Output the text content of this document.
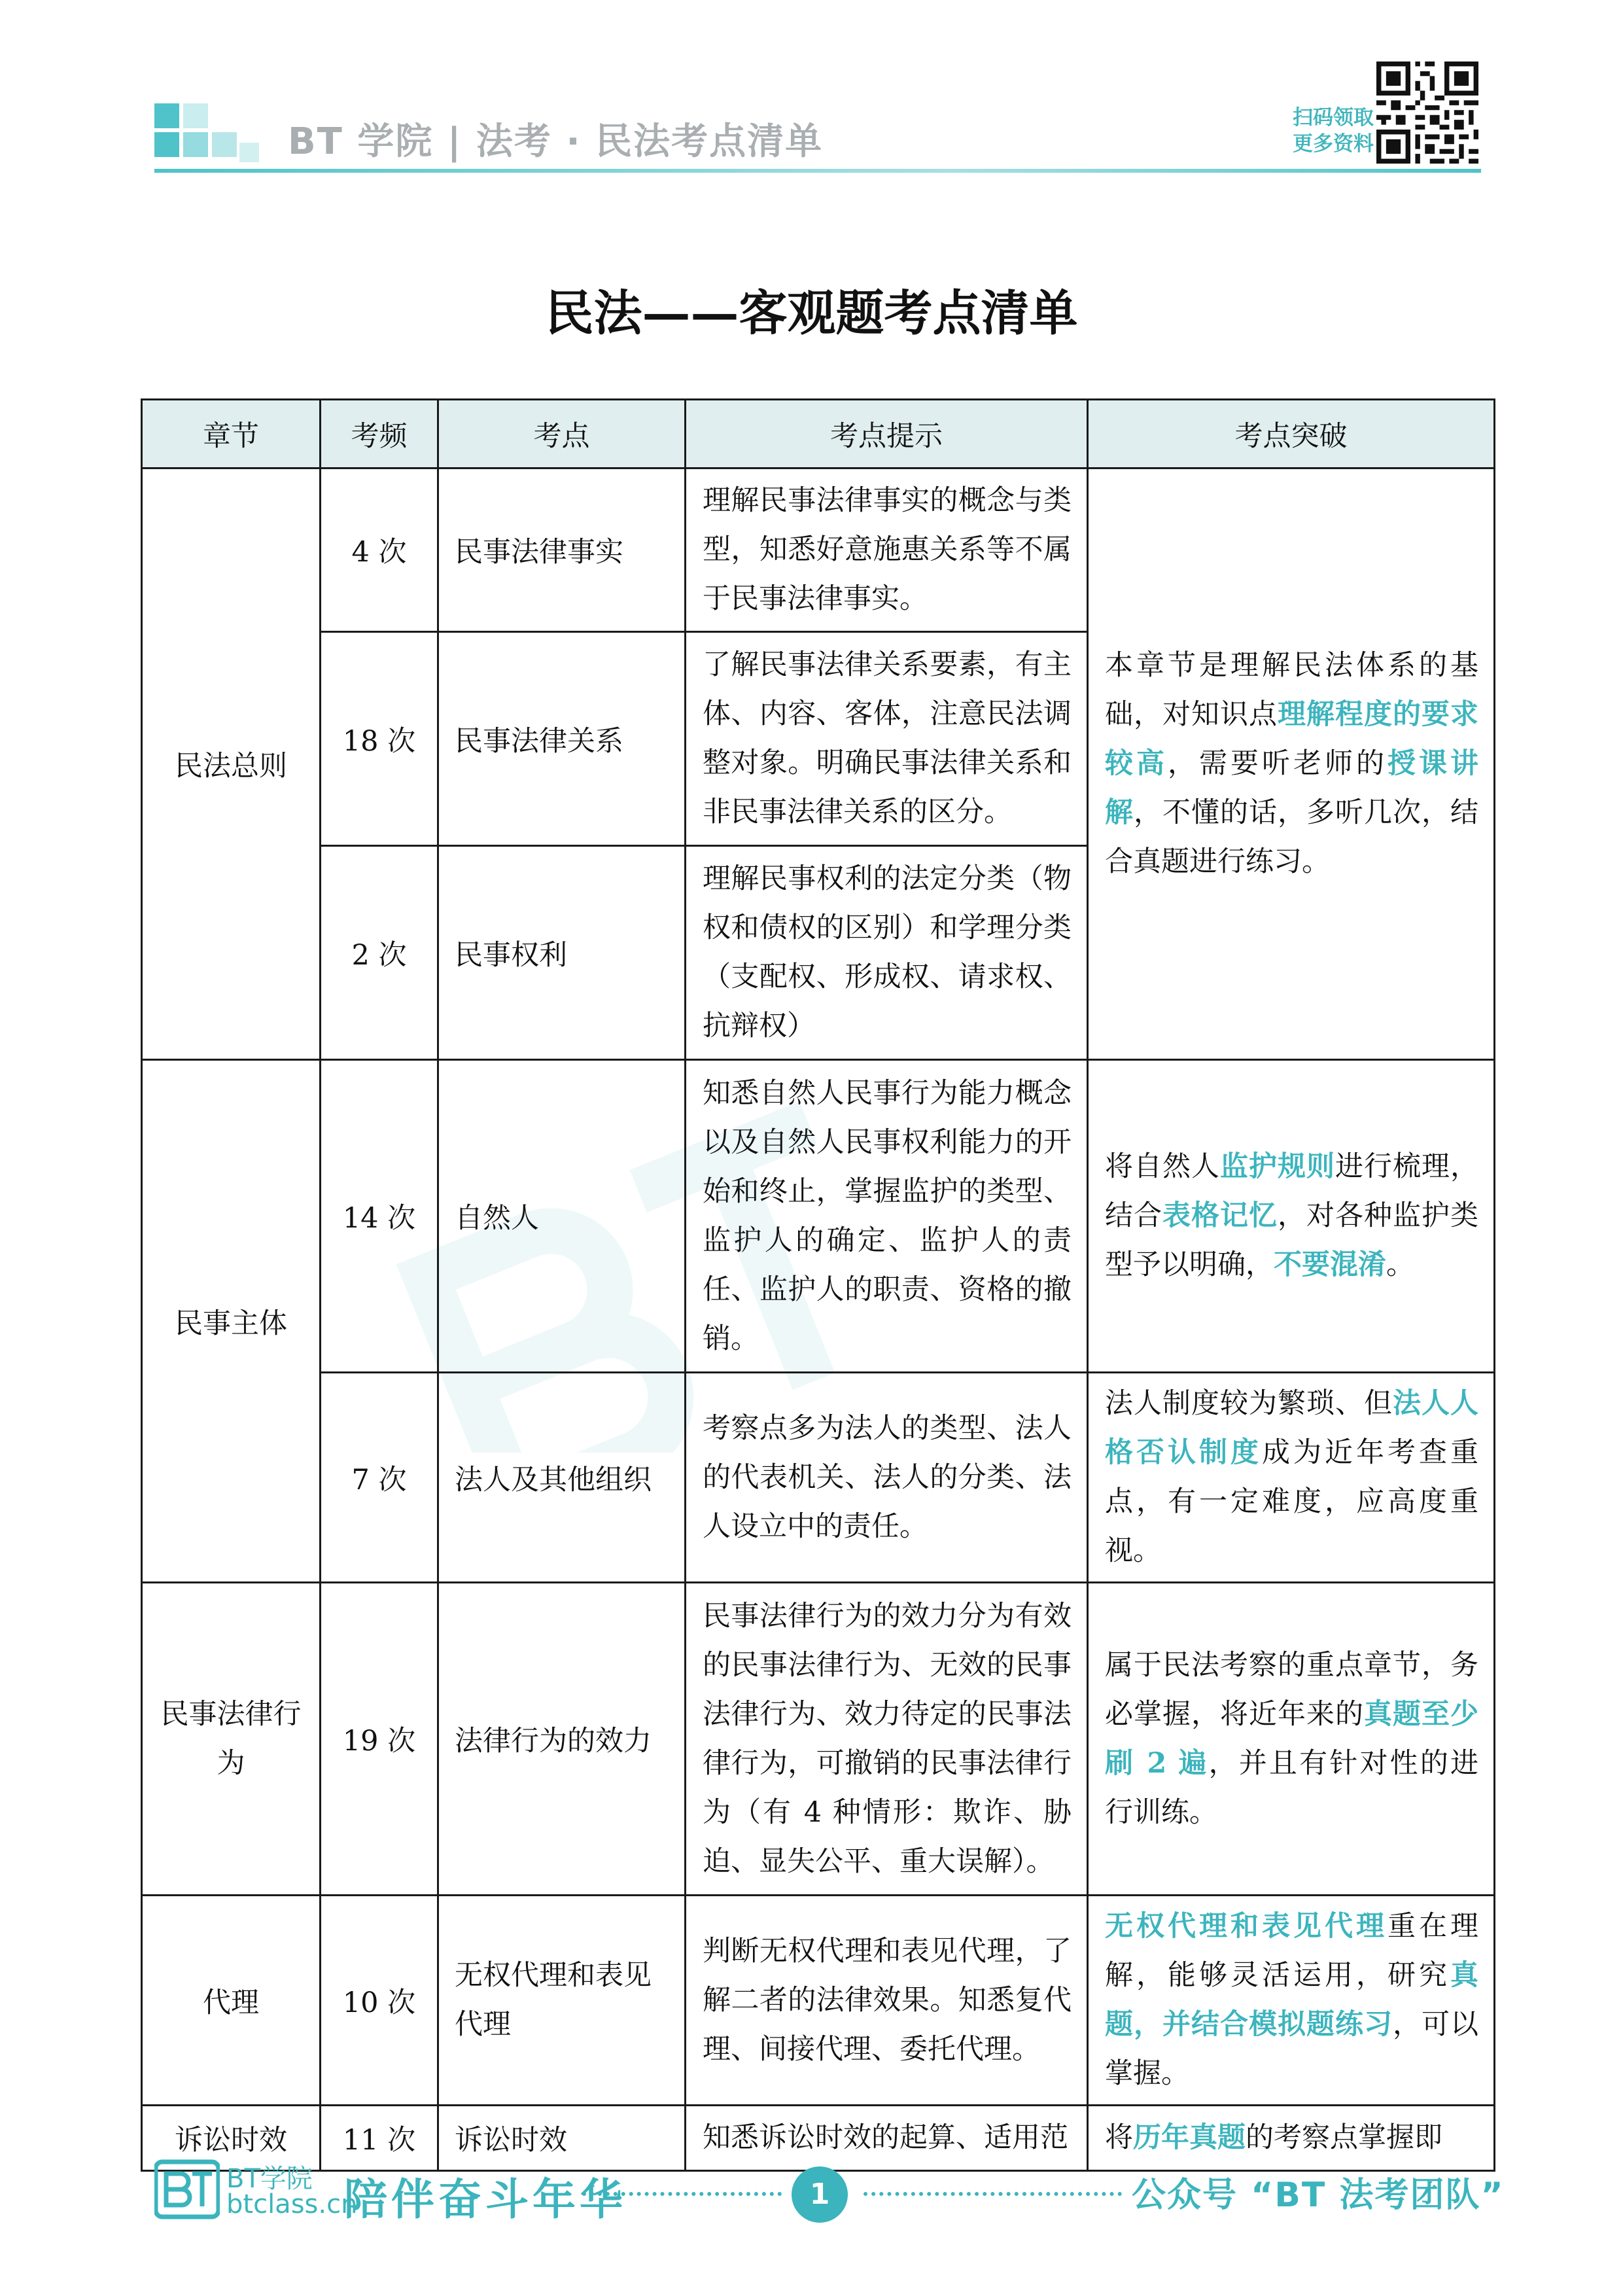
BT 学院 | 法考 · 民法考点清单
扫码领取
更多资料
民法——客观题考点清单
章节	考频	考点	考点提示	考点突破
民法总则	4 次	民事法律事实	理解民事法律事实的概念与类型，知悉好意施惠关系等不属于民事法律事实。	本章节是理解民法体系的基础，对知识点理解程度的要求较高，需要听老师的授课讲解，不懂的话，多听几次，结合真题进行练习。

	18 次	民事法律关系	了解民事法律关系要素，有主体、内容、客体，注意民法调整对象。明确民事法律关系和非民事法律关系的区分。	

	2 次	民事权利	理解民事权利的法定分类（物权和债权的区别）和学理分类（支配权、形成权、请求权、抗辩权）	

民事主体	14 次	自然人	知悉自然人民事行为能力概念以及自然人民事权利能力的开始和终止，掌握监护的类型、监护人的确定、监护人的责任、监护人的职责、资格的撤销。	将自然人监护规则进行梳理，结合表格记忆，对各种监护类型予以明确，不要混淆。

	7 次	法人及其他组织	考察点多为法人的类型、法人的代表机关、法人的分类、法人设立中的责任。	法人制度较为繁琐、但法人人格否认制度成为近年考查重点，有一定难度，应高度重视。

民事法律行为	19 次	法律行为的效力	民事法律行为的效力分为有效的民事法律行为、无效的民事法律行为、效力待定的民事法律行为，可撤销的民事法律行为（有 4 种情形：欺诈、胁迫、显失公平、重大误解）。	属于民法考察的重点章节，务必掌握，将近年来的真题至少刷 2 遍，并且有针对性的进行训练。

代理	10 次	无权代理和表见代理	判断无权代理和表见代理，了解二者的法律效果。知悉复代理、间接代理、委托代理。	无权代理和表见代理重在理解，能够灵活运用，研究真题，并结合模拟题练习，可以掌握。

诉讼时效	11 次	诉讼时效	知悉诉讼时效的起算、适用范	将历年真题的考察点掌握即
BT学院
btclass.cn
陪伴奋斗年华	1	公众号 “BT 法考团队”
